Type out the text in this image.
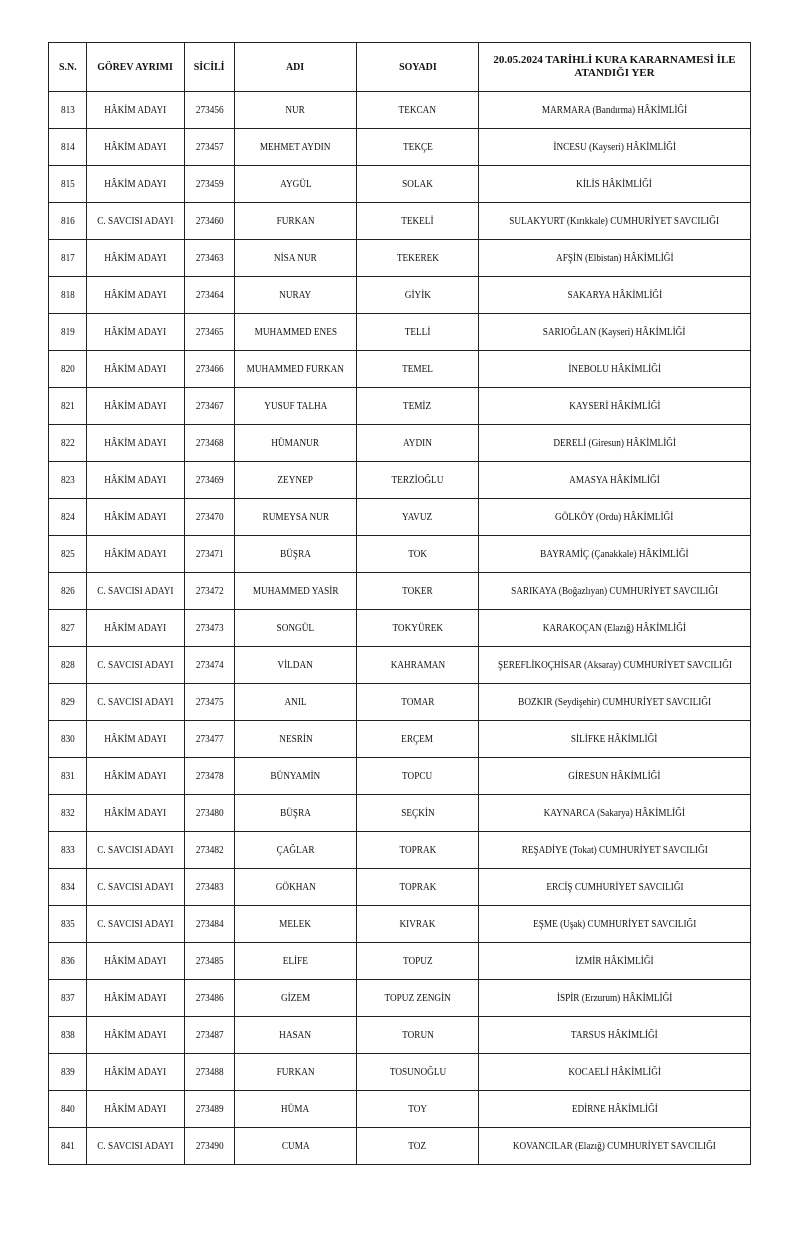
S.N.	GÖREV AYRIMI	SİCİLİ	ADI	SOYADI	20.05.2024 TARİHLİ KURA KARARNAMESİ İLE ATANDIĞI YER
813	HÂKİM ADAYI	273456	NUR	TEKCAN	MARMARA (Bandırma) HÂKİMLİĞİ
814	HÂKİM ADAYI	273457	MEHMET AYDIN	TEKÇE	İNCESU (Kayseri) HÂKİMLİĞİ
815	HÂKİM ADAYI	273459	AYGÜL	SOLAK	KİLİS HÂKİMLİĞİ
816	C. SAVCISI ADAYI	273460	FURKAN	TEKELİ	SULAKYURT (Kırıkkale) CUMHURİYET SAVCILIĞI
817	HÂKİM ADAYI	273463	NİSA NUR	TEKEREK	AFŞİN (Elbistan) HÂKİMLİĞİ
818	HÂKİM ADAYI	273464	NURAY	GİYİK	SAKARYA HÂKİMLİĞİ
819	HÂKİM ADAYI	273465	MUHAMMED ENES	TELLİ	SARIOĞLAN (Kayseri) HÂKİMLİĞİ
820	HÂKİM ADAYI	273466	MUHAMMED FURKAN	TEMEL	İNEBOLU HÂKİMLİĞİ
821	HÂKİM ADAYI	273467	YUSUF TALHA	TEMİZ	KAYSERİ HÂKİMLİĞİ
822	HÂKİM ADAYI	273468	HÜMANUR	AYDIN	DERELİ (Giresun) HÂKİMLİĞİ
823	HÂKİM ADAYI	273469	ZEYNEP	TERZİOĞLU	AMASYA HÂKİMLİĞİ
824	HÂKİM ADAYI	273470	RUMEYSA NUR	YAVUZ	GÖLKÖY (Ordu) HÂKİMLİĞİ
825	HÂKİM ADAYI	273471	BÜŞRA	TOK	BAYRAMİÇ (Çanakkale) HÂKİMLİĞİ
826	C. SAVCISI ADAYI	273472	MUHAMMED YASİR	TOKER	SARIKAYA (Boğazlıyan) CUMHURİYET SAVCILIĞI
827	HÂKİM ADAYI	273473	SONGÜL	TOKYÜREK	KARAKOÇAN (Elazığ) HÂKİMLİĞİ
828	C. SAVCISI ADAYI	273474	VİLDAN	KAHRAMAN	ŞEREFLİKOÇHİSAR (Aksaray) CUMHURİYET SAVCILIĞI
829	C. SAVCISI ADAYI	273475	ANIL	TOMAR	BOZKIR (Seydişehir) CUMHURİYET SAVCILIĞI
830	HÂKİM ADAYI	273477	NESRİN	ERÇEM	SİLİFKE HÂKİMLİĞİ
831	HÂKİM ADAYI	273478	BÜNYAMİN	TOPCU	GİRESUN HÂKİMLİĞİ
832	HÂKİM ADAYI	273480	BÜŞRA	SEÇKİN	KAYNARCA (Sakarya) HÂKİMLİĞİ
833	C. SAVCISI ADAYI	273482	ÇAĞLAR	TOPRAK	REŞADİYE (Tokat) CUMHURİYET SAVCILIĞI
834	C. SAVCISI ADAYI	273483	GÖKHAN	TOPRAK	ERCİŞ CUMHURİYET SAVCILIĞI
835	C. SAVCISI ADAYI	273484	MELEK	KIVRAK	EŞME (Uşak) CUMHURİYET SAVCILIĞI
836	HÂKİM ADAYI	273485	ELİFE	TOPUZ	İZMİR HÂKİMLİĞİ
837	HÂKİM ADAYI	273486	GİZEM	TOPUZ ZENGİN	İSPİR (Erzurum) HÂKİMLİĞİ
838	HÂKİM ADAYI	273487	HASAN	TORUN	TARSUS HÂKİMLİĞİ
839	HÂKİM ADAYI	273488	FURKAN	TOSUNOĞLU	KOCAELİ HÂKİMLİĞİ
840	HÂKİM ADAYI	273489	HÜMA	TOY	EDİRNE HÂKİMLİĞİ
841	C. SAVCISI ADAYI	273490	CUMA	TOZ	KOVANCILAR (Elazığ) CUMHURİYET SAVCILIĞI
